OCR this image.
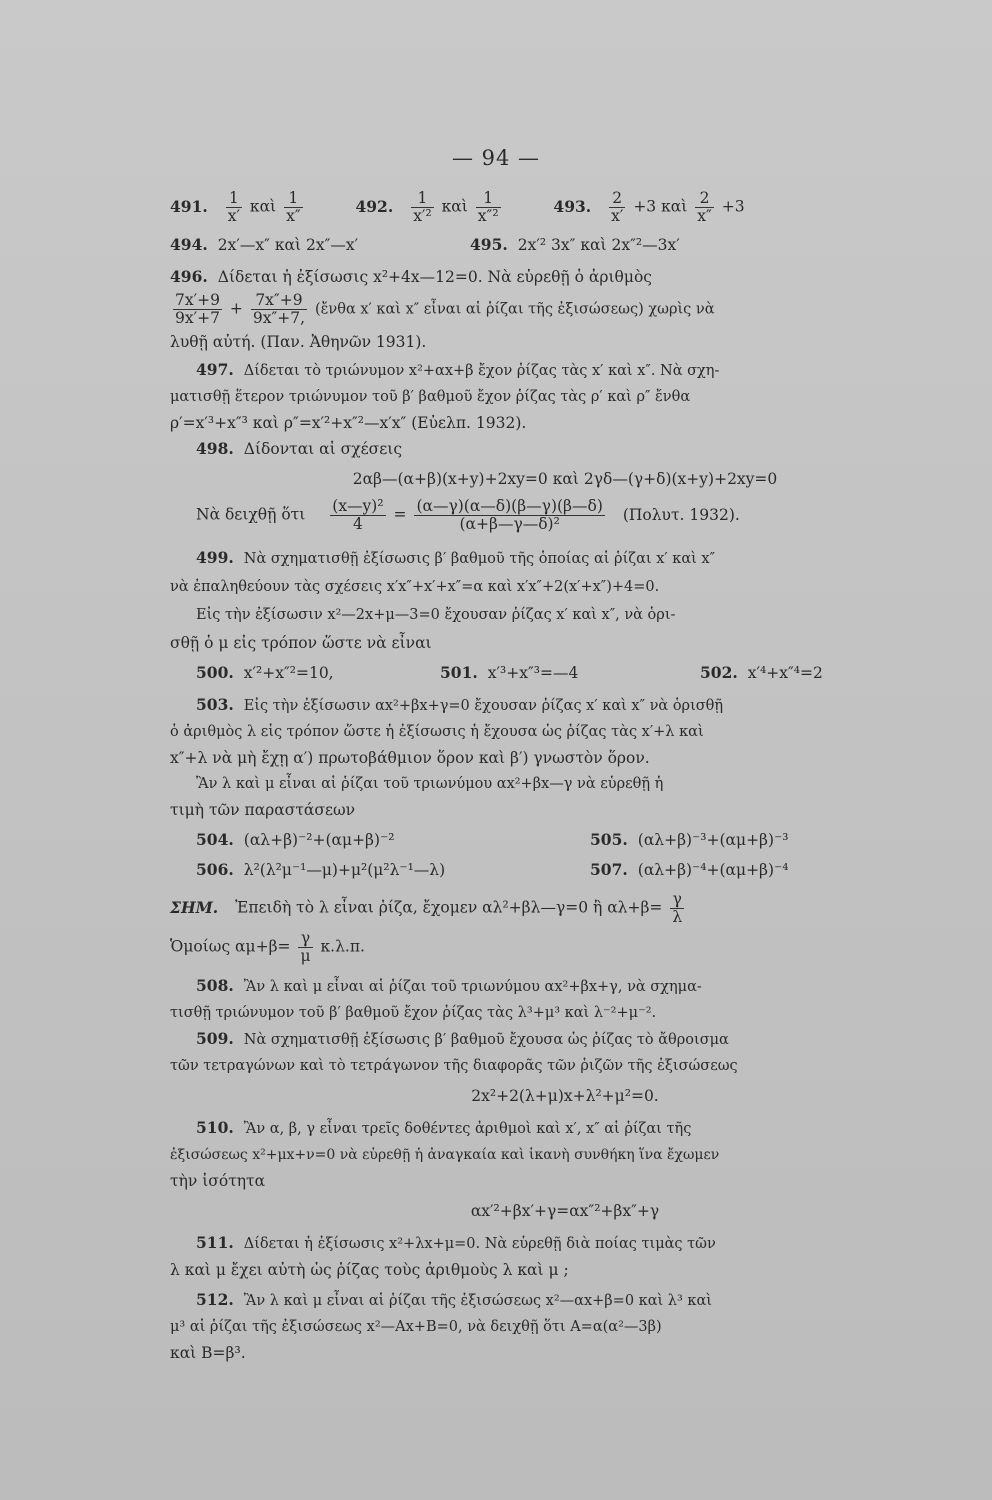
— 94 —
491. $\frac{1}{x'}$ καὶ $\frac{1}{x''}$	492. $\frac{1}{\text{x′²}}$ καὶ $\frac{1}{\text{x″²}}$	493. $\frac{2}{x'} +3$ καὶ $\frac{2}{x''} +3$
494. 2x′—x″ καὶ 2x″—x′	495. 2x′² 3x″ καὶ 2x″²—3x′
496. Δίδεται ἡ ἐξίσωσις x²+4x—12=0. Νὰ εὑρεθῇ ὁ ἀριθμὸς
$\frac{7x'+9}{9x'+7} + \frac{7x''+9}{9x''+7,}$ (ἔνθα x′ καὶ x″ εἶναι αἱ ῥίζαι τῆς ἐξισώσεως) χωρὶς νὰ
λυθῇ αὐτή. (Παν. Ἀθηνῶν 1931).
497. Δίδεται τὸ τριώνυμον x²+αx+β ἔχον ῥίζας τὰς x′ καὶ x″. Νὰ σχη-
ματισθῇ ἕτερον τριώνυμον τοῦ β′ βαθμοῦ ἔχον ῥίζας τὰς ρ′ καὶ ρ″ ἔνθα
ρ′=x′³+x″³ καὶ ρ″=x′²+x″²—x′x″ (Εὐελπ. 1932).
498. Δίδονται αἱ σχέσεις
2αβ—(α+β)(x+y)+2xy=0 καὶ 2γδ—(γ+δ)(x+y)+2xy=0
Νὰ δειχθῇ ὅτι $\frac{\text{(x—y)²}}{4} = \frac{(\alpha—\gamma)(\alpha—\delta)(\beta—\gamma)(\beta—\delta)}{\text{(α+β—γ—δ)²}} (\Pi o\lambda\upsilon\tau$. 1932).
499. Νὰ σχηματισθῇ ἐξίσωσις β′ βαθμοῦ τῆς ὁποίας αἱ ῥίζαι x′ καὶ x″
νὰ ἐπαληθεύουν τὰς σχέσεις x′x″+x′+x″=α καὶ x′x″+2(x′+x″)+4=0.
Εἰς τὴν ἐξίσωσιν x²—2x+μ—3=0 ἔχουσαν ῥίζας x′ καὶ x″, νὰ ὁρι-
σθῇ ὁ μ εἰς τρόπον ὥστε νὰ εἶναι
500. x′²+x″²=10,	501. x′³+x″³=—4	502. x′⁴+x″⁴=2
503. Εἰς τὴν ἐξίσωσιν αx²+βx+γ=0 ἔχουσαν ῥίζας x′ καὶ x″ νὰ ὁρισθῇ
ὁ ἀριθμὸς λ εἰς τρόπον ὥστε ἡ ἐξίσωσις ἡ ἔχουσα ὡς ῥίζας τὰς x′+λ καὶ
x″+λ νὰ μὴ ἔχῃ α′) πρωτοβάθμιον ὅρον καὶ β′) γνωστὸν ὅρον.
Ἂν λ καὶ μ εἶναι αἱ ῥίζαι τοῦ τριωνύμου αx²+βx—γ νὰ εὑρεθῇ ἡ
τιμὴ τῶν παραστάσεων
504. (αλ+β)⁻²+(αμ+β)⁻²	505. (αλ+β)⁻³+(αμ+β)⁻³
506. λ²(λ²μ⁻¹—μ)+μ²(μ²λ⁻¹—λ)	507. (αλ+β)⁻⁴+(αμ+β)⁻⁴
ΣΗΜ. Ἐπειδὴ τὸ λ εἶναι ῥίζα, ἔχομεν αλ²+βλ—γ=0 ἢ $\alpha\lambda+\beta= \frac{\gamma}{\lambda}$
Ὁμοίως $\alpha\mu+\beta= \frac{\gamma}{\mu} \kappa.\lambda.\pi$.
508. Ἂν λ καὶ μ εἶναι αἱ ῥίζαι τοῦ τριωνύμου αx²+βx+γ, νὰ σχημα-
τισθῇ τριώνυμον τοῦ β′ βαθμοῦ ἔχον ῥίζας τὰς λ³+μ³ καὶ λ⁻²+μ⁻².
509. Νὰ σχηματισθῇ ἐξίσωσις β′ βαθμοῦ ἔχουσα ὡς ῥίζας τὸ ἄθροισμα
τῶν τετραγώνων καὶ τὸ τετράγωνον τῆς διαφορᾶς τῶν ῥιζῶν τῆς ἐξισώσεως
2x²+2(λ+μ)x+λ²+μ²=0.
510. Ἂν α, β, γ εἶναι τρεῖς δοθέντες ἀριθμοὶ καὶ x′, x″ αἱ ῥίζαι τῆς
ἐξισώσεως x²+μx+ν=0 νὰ εὑρεθῇ ἡ ἀναγκαία καὶ ἱκανὴ συνθήκη ἵνα ἔχωμεν
τὴν ἰσότητα
αx′²+βx′+γ=αx″²+βx″+γ
511. Δίδεται ἡ ἐξίσωσις x²+λx+μ=0. Νὰ εὑρεθῇ διὰ ποίας τιμὰς τῶν
λ καὶ μ ἔχει αὐτὴ ὡς ῥίζας τοὺς ἀριθμοὺς λ καὶ μ ;
512. Ἂν λ καὶ μ εἶναι αἱ ῥίζαι τῆς ἐξισώσεως x²—αx+β=0 καὶ λ³ καὶ
μ³ αἱ ῥίζαι τῆς ἐξισώσεως x²—Ax+B=0, νὰ δειχθῇ ὅτι A=α(α²—3β)
καὶ B=β³.
